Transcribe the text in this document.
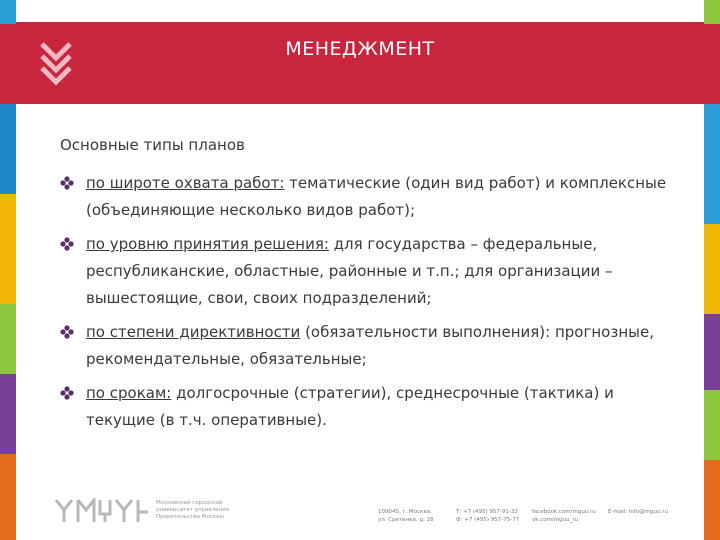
МЕНЕДЖМЕНТ
Основные типы планов
по широте охвата работ: тематические (один вид работ) и комплексные (объединяющие несколько видов работ);
по уровню принятия решения: для государства – федеральные, республиканские, областные, районные и т.п.; для организации – вышестоящие, свои, своих подразделений;
по степени директивности (обязательности выполнения): прогнозные, рекомендательные, обязательные;
по срокам: долгосрочные (стратегии), среднесрочные (тактика) и текущие (в т.ч. оперативные).
Московский городской
университет управления
Правительства Москвы
109045, г. Москва,
ул. Сретенка, д. 28
Т: +7 (495) 957-91-32
Ф: +7 (495) 957-75-77
facebook.com/mguu.ru
vk.com/mguu_ru
E-mail: info@mguu.ru
